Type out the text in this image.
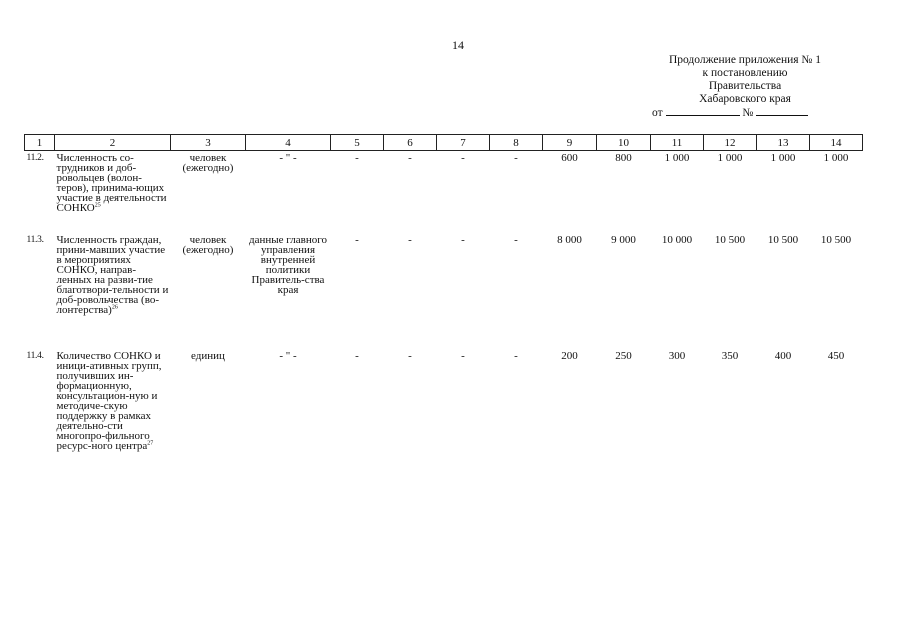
14
Продолжение приложения № 1
к постановлению
Правительства
Хабаровского края
от	№
1	2	3	4	5	6	7	8	9	10	11	12	13	14
11.2.	Численность со-трудников и доб-ровольцев (волон-теров), принима-ющих участие в деятельности СОНКО$^{25}$	человек (ежегодно)	- " -	-	-	-	-	600	800	1 000	1 000	1 000	1 000
11.3.	Численность граждан, прини-мавших участие в мероприятиях СОНКО, направ-ленных на разви-тие благотвори-тельности и доб-ровольчества (во-лонтерства)$^{26}$	человек (ежегодно)	данные главного управления внутренней политики Правитель-ства края	-	-	-	-	8 000	9 000	10 000	10 500	10 500	10 500
11.4.	Количество СОНКО и иници-ативных групп, получивших ин-формационную, консультацион-ную и методиче-скую поддержку в рамках деятельно-сти многопро-фильного ресурс-ного центра$^{27}$	единиц	- " -	-	-	-	-	200	250	300	350	400	450
